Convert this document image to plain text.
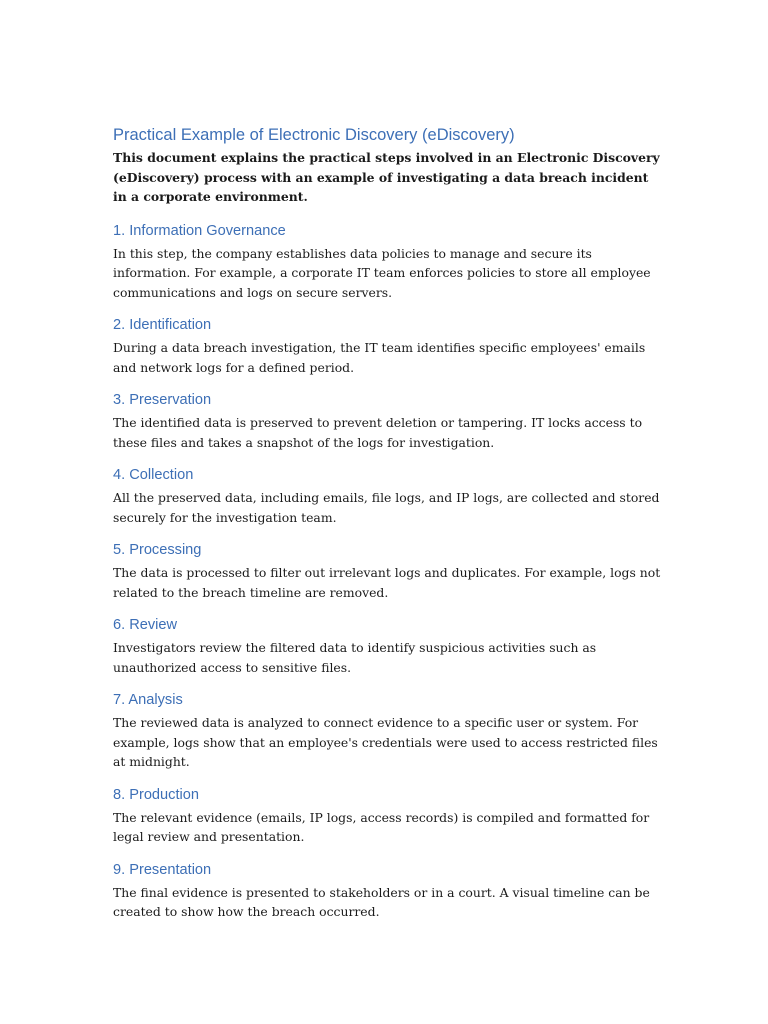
Practical Example of Electronic Discovery (eDiscovery)

This document explains the practical steps involved in an Electronic Discovery (eDiscovery) process with an example of investigating a data breach incident in a corporate environment.

1. Information Governance

In this step, the company establishes data policies to manage and secure its information. For example, a corporate IT team enforces policies to store all employee communications and logs on secure servers.

2. Identification

During a data breach investigation, the IT team identifies specific employees' emails and network logs for a defined period.

3. Preservation

The identified data is preserved to prevent deletion or tampering. IT locks access to these files and takes a snapshot of the logs for investigation.

4. Collection

All the preserved data, including emails, file logs, and IP logs, are collected and stored securely for the investigation team.

5. Processing

The data is processed to filter out irrelevant logs and duplicates. For example, logs not related to the breach timeline are removed.

6. Review

Investigators review the filtered data to identify suspicious activities such as unauthorized access to sensitive files.

7. Analysis

The reviewed data is analyzed to connect evidence to a specific user or system. For example, logs show that an employee's credentials were used to access restricted files at midnight.

8. Production

The relevant evidence (emails, IP logs, access records) is compiled and formatted for legal review and presentation.

9. Presentation

The final evidence is presented to stakeholders or in a court. A visual timeline can be created to show how the breach occurred.
